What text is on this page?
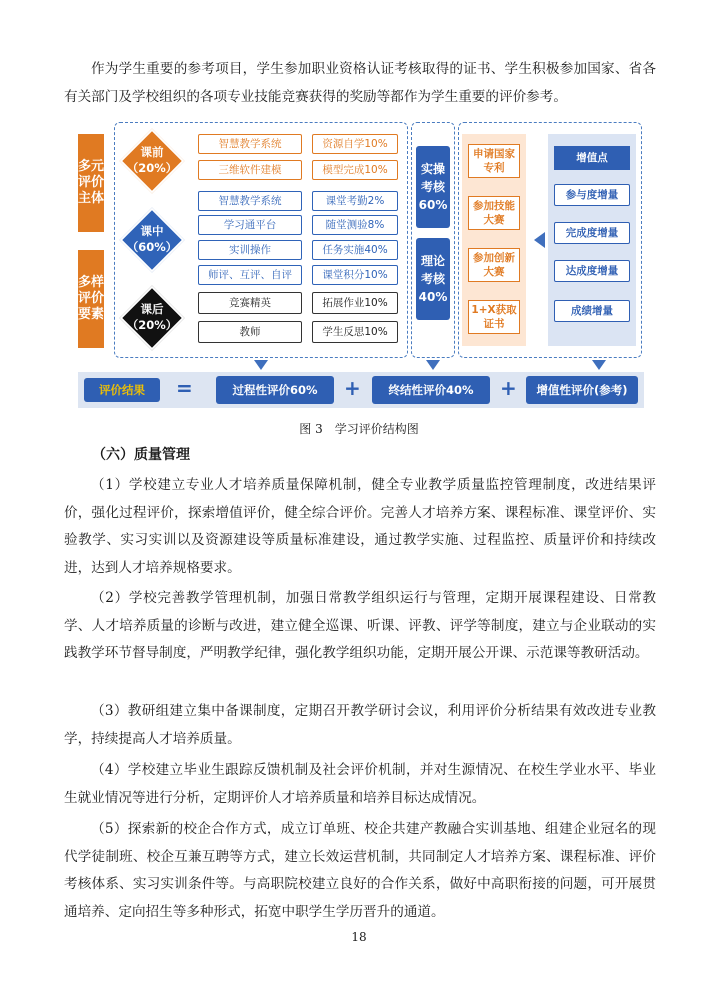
作为学生重要的参考项目，学生参加职业资格认证考核取得的证书、学生积极参加国家、省各有关部门及学校组织的各项专业技能竞赛获得的奖励等都作为学生重要的评价参考。

多元评价主体
多样评价要素
课前
（20%）
课中
（60%）
课后
（20%）
智慧教学系统
三维软件建模
资源自学10%
模型完成10%
智慧教学系统
学习通平台
实训操作
师评、互评、自评
课堂考勤2%
随堂测验8%
任务实施40%
课堂积分10%
竞赛精英
教师
拓展作业10%
学生反思10%
实操考核
60%
理论考核
40%
申请国家专利
参加技能大赛
参加创新大赛
1+X获取证书
增值点
参与度增量
完成度增量
达成度增量
成绩增量
评价结果	=	过程性评价60%	+	终结性评价40%	+	增值性评价(参考)
图 3　学习评价结构图
（六）质量管理

（1）学校建立专业人才培养质量保障机制，健全专业教学质量监控管理制度，改进结果评价，强化过程评价，探索增值评价，健全综合评价。完善人才培养方案、课程标准、课堂评价、实验教学、实习实训以及资源建设等质量标准建设，通过教学实施、过程监控、质量评价和持续改进，达到人才培养规格要求。

（2）学校完善教学管理机制，加强日常教学组织运行与管理，定期开展课程建设、日常教学、人才培养质量的诊断与改进，建立健全巡课、听课、评教、评学等制度，建立与企业联动的实践教学环节督导制度，严明教学纪律，强化教学组织功能，定期开展公开课、示范课等教研活动。

（3）教研组建立集中备课制度，定期召开教学研讨会议，利用评价分析结果有效改进专业教学，持续提高人才培养质量。

（4）学校建立毕业生跟踪反馈机制及社会评价机制，并对生源情况、在校生学业水平、毕业生就业情况等进行分析，定期评价人才培养质量和培养目标达成情况。

（5）探索新的校企合作方式，成立订单班、校企共建产教融合实训基地、组建企业冠名的现代学徒制班、校企互兼互聘等方式，建立长效运营机制，共同制定人才培养方案、课程标准、评价考核体系、实习实训条件等。与高职院校建立良好的合作关系，做好中高职衔接的问题，可开展贯通培养、定向招生等多种形式，拓宽中职学生学历晋升的通道。

18
